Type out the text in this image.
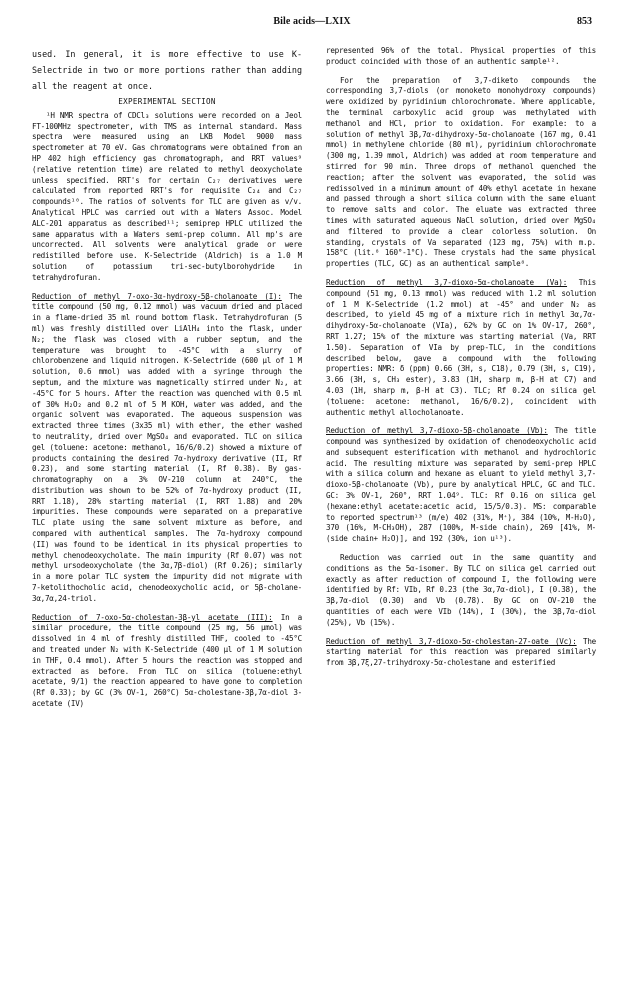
Bile acids—LXIX	853

used. In general, it is more effective to use K-Selectride in two or more portions rather than adding all the reagent at once.

EXPERIMENTAL SECTION

¹H NMR spectra of CDCl₃ solutions were recorded on a Jeol FT-100MHz spectrometer, with TMS as internal standard. Mass spectra were measured using an LKB Model 9000 mass spectrometer at 70 eV. Gas chromatograms were obtained from an HP 402 high efficiency gas chromatograph, and RRT values⁹ (relative retention time) are related to methyl deoxycholate unless specified. RRT's for certain C₂₇ derivatives were calculated from reported RRT's for requisite C₂₄ and C₂₇ compounds¹⁰. The ratios of solvents for TLC are given as v/v. Analytical HPLC was carried out with a Waters Assoc. Model ALC-201 apparatus as described¹¹; semiprep HPLC utilized the same apparatus with a Waters semi-prep column. All mp's are uncorrected. All solvents were analytical grade or were redistilled before use. K-Selectride (Aldrich) is a 1.0 M solution of potassium tri-sec-butylborohydride in tetrahydrofuran.

Reduction of methyl 7-oxo-3α-hydroxy-5β-cholanoate (I): The title compound (50 mg, 0.12 mmol) was vacuum dried and placed in a flame-dried 35 ml round bottom flask. Tetrahydrofuran (5 ml) was freshly distilled over LiAlH₄ into the flask, under N₂; the flask was closed with a rubber septum, and the temperature was brought to -45°C with a slurry of chlorobenzene and liquid nitrogen. K-Selectride (600 µl of 1 M solution, 0.6 mmol) was added with a syringe through the septum, and the mixture was magnetically stirred under N₂, at -45°C for 5 hours. After the reaction was quenched with 0.5 ml of 30% H₂O₂ and 0.2 ml of 5 M KOH, water was added, and the organic solvent was evaporated. The aqueous suspension was extracted three times (3x35 ml) with ether, the ether washed to neutrality, dried over MgSO₄ and evaporated. TLC on silica gel (toluene: acetone: methanol, 16/6/0.2) showed a mixture of products containing the desired 7α-hydroxy derivative (II, Rf 0.23), and some starting material (I, Rf 0.38). By gas-chromatography on a 3% OV-210 column at 240°C, the distribution was shown to be 52% of 7α-hydroxy product (II, RRT 1.18), 28% starting material (I, RRT 1.88) and 20% impurities. These compounds were separated on a preparative TLC plate using the same solvent mixture as before, and compared with authentical samples. The 7α-hydroxy compound (II) was found to be identical in its physical properties to methyl chenodeoxycholate. The main impurity (Rf 0.07) was not methyl ursodeoxycholate (the 3α,7β-diol) (Rf 0.26); similarly in a more polar TLC system the impurity did not migrate with 7-ketolithocholic acid, chenodeoxycholic acid, or 5β-cholane-3α,7α,24-triol.

Reduction of 7-oxo-5α-cholestan-3β-yl acetate (III): In a similar procedure, the title compound (25 mg, 56 µmol) was dissolved in 4 ml of freshly distilled THF, cooled to -45°C and treated under N₂ with K-Selectride (400 µl of 1 M solution in THF, 0.4 mmol). After 5 hours the reaction was stopped and extracted as before. From TLC on silica (toluene:ethyl acetate, 9/1) the reaction appeared to have gone to completion (Rf 0.33); by GC (3% OV-1, 260°C) 5α-cholestane-3β,7α-diol 3-acetate (IV)

represented 96% of the total. Physical properties of this product coincided with those of an authentic sample¹².

For the preparation of 3,7-diketo compounds the corresponding 3,7-diols (or monoketo monohydroxy compounds) were oxidized by pyridinium chlorochromate. Where applicable, the terminal carboxylic acid group was methylated with methanol and HCl, prior to oxidation. For example: to a solution of methyl 3β,7α-dihydroxy-5α-cholanoate (167 mg, 0.41 mmol) in methylene chloride (80 ml), pyridinium chlorochromate (300 mg, 1.39 mmol, Aldrich) was added at room temperature and stirred for 90 min. Three drops of methanol quenched the reaction; after the solvent was evaporated, the solid was redissolved in a minimum amount of 40% ethyl acetate in hexane and passed through a short silica column with the same eluant to remove salts and color. The eluate was extracted three times with saturated aqueous NaCl solution, dried over MgSO₄ and filtered to provide a clear colorless solution. On standing, crystals of Va separated (123 mg, 75%) with m.p. 158°C (lit.⁸ 160°-1°C). These crystals had the same physical properties (TLC, GC) as an authentical sample⁸.

Reduction of methyl 3,7-dioxo-5α-cholanoate (Va): This compound (51 mg, 0.13 mmol) was reduced with 1.2 ml solution of 1 M K-Selectride (1.2 mmol) at -45° and under N₂ as described, to yield 45 mg of a mixture rich in methyl 3α,7α-dihydroxy-5α-cholanoate (VIa), 62% by GC on 1% OV-17, 260°, RRT 1.27; 15% of the mixture was starting material (Va, RRT 1.50). Separation of VIa by prep-TLC, in the conditions described below, gave a compound with the following properties: NMR: δ (ppm) 0.66 (3H, s, C18), 0.79 (3H, s, C19), 3.66 (3H, s, CH₃ ester), 3.83 (1H, sharp m, β-H at C7) and 4.03 (1H, sharp m, β-H at C3). TLC; Rf 0.24 on silica gel (toluene: acetone: methanol, 16/6/0.2), coincident with authentic methyl allocholanoate.

Reduction of methyl 3,7-dioxo-5β-cholanoate (Vb): The title compound was synthesized by oxidation of chenodeoxycholic acid and subsequent esterification with methanol and hydrochloric acid. The resulting mixture was separated by semi-prep HPLC with a silica column and hexane as eluant to yield methyl 3,7-dioxo-5β-cholanoate (Vb), pure by analytical HPLC, GC and TLC. GC: 3% OV-1, 260°, RRT 1.04⁹. TLC: Rf 0.16 on silica gel (hexane:ethyl acetate:acetic acid, 15/5/0.3). MS: comparable to reported spectrum¹³ (m/e) 402 (31%, M⁺), 384 (10%, M-H₂O), 370 (16%, M-CH₃OH), 287 (100%, M-side chain), 269 [41%, M-(side chain+ H₂O)], and 192 (30%, ion u¹³).

Reduction was carried out in the same quantity and conditions as the 5α-isomer. By TLC on silica gel carried out exactly as after reduction of compound I, the following were identified by Rf: VIb, Rf 0.23 (the 3α,7α-diol), I (0.38), the 3β,7α-diol (0.30) and Vb (0.78). By GC on OV-210 the quantities of each were VIb (14%), I (30%), the 3β,7α-diol (25%), Vb (15%).

Reduction of methyl 3,7-dioxo-5α-cholestan-27-oate (Vc): The starting material for this reaction was prepared similarly from 3β,7ξ,27-trihydroxy-5α-cholestane and esterified
